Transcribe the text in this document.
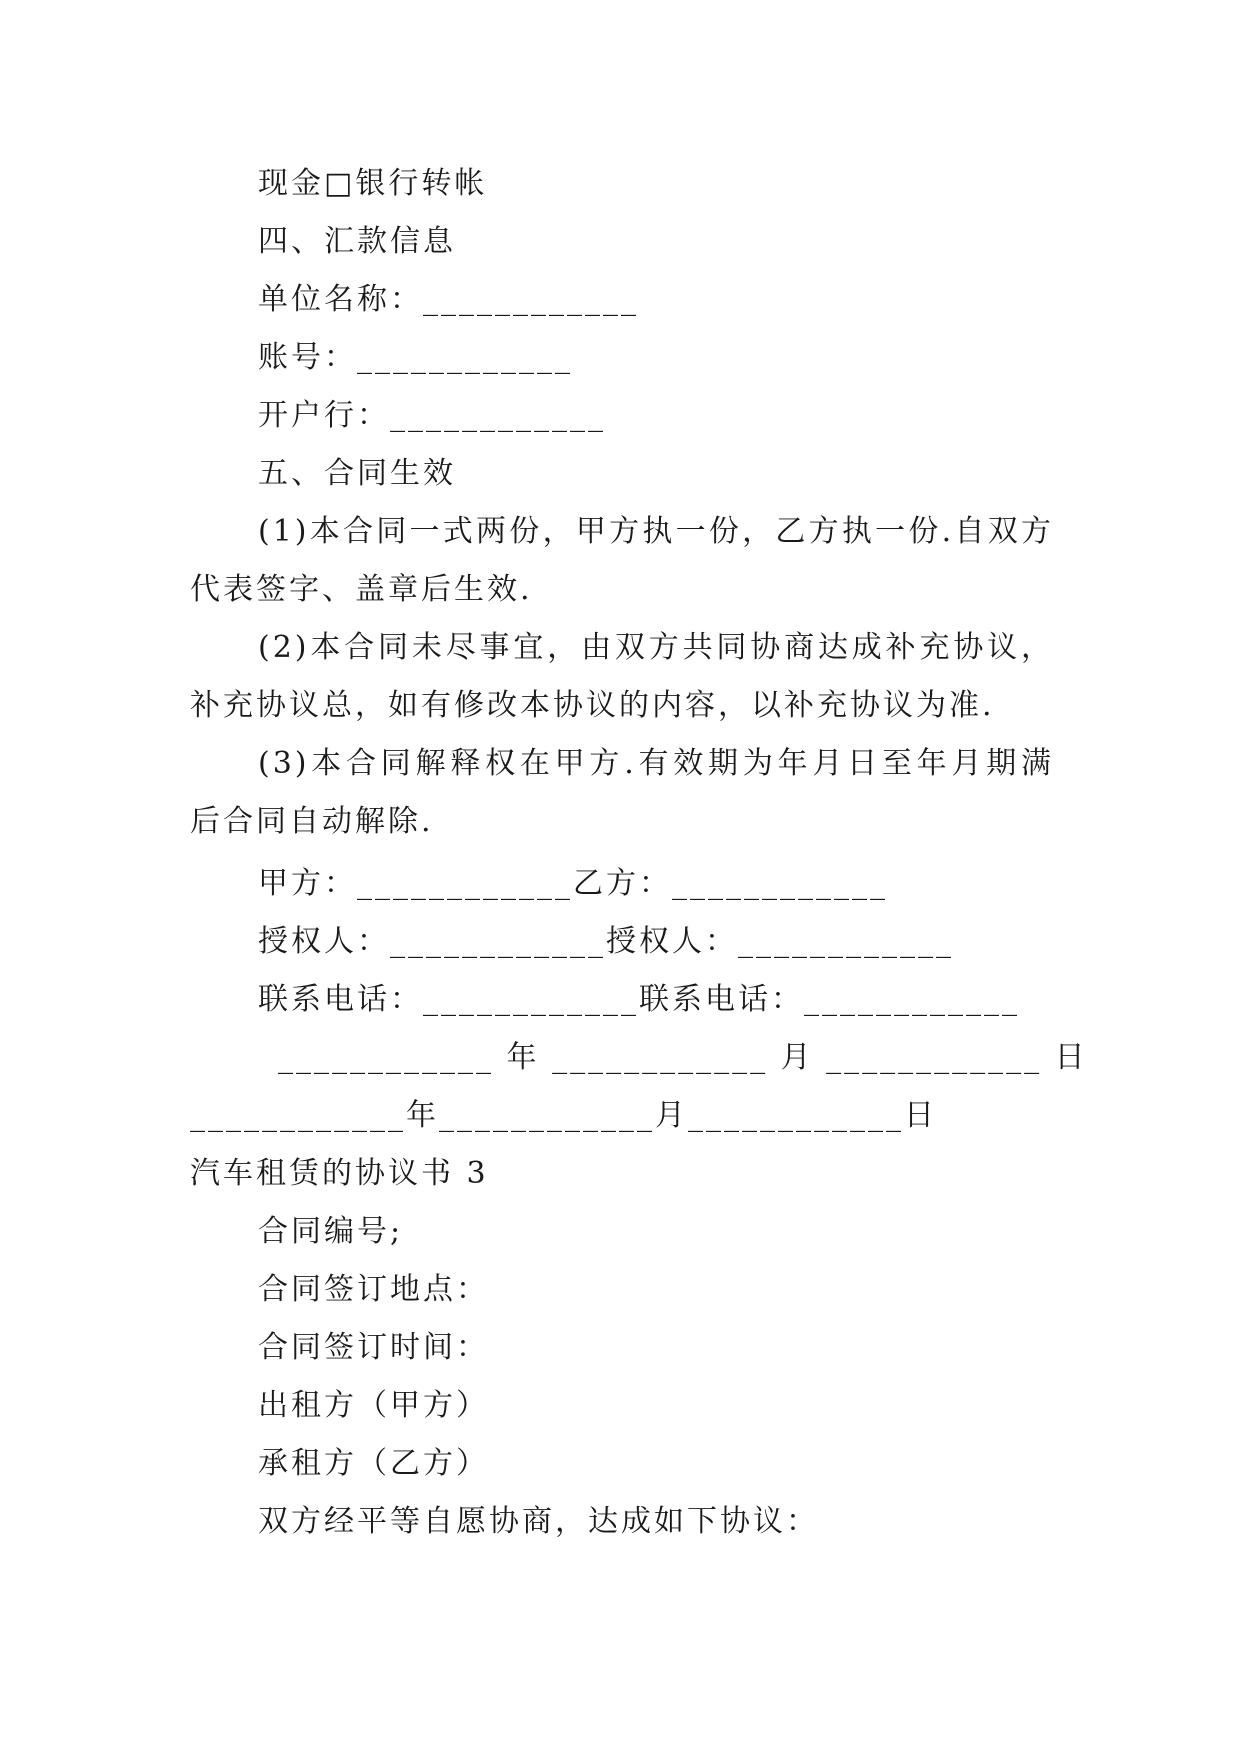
现金□银行转帐
四、汇款信息
单位名称：____________
账号：____________
开户行：____________
五、合同生效
(1)本合同一式两份，甲方执一份，乙方执一份.自双方
代表签字、盖章后生效.
(2)本合同未尽事宜，由双方共同协商达成补充协议，
补充协议总，如有修改本协议的内容，以补充协议为准.
(3)本合同解释权在甲方.有效期为年月日至年月期满
后合同自动解除.
甲方：____________乙方：____________
授权人：____________授权人：____________
联系电话：____________联系电话：____________
____________ 年 ____________ 月 ____________ 日
____________年____________月____________日
汽车租赁的协议书 3
合同编号;
合同签订地点：
合同签订时间：
出租方（甲方）
承租方（乙方）
双方经平等自愿协商，达成如下协议：
